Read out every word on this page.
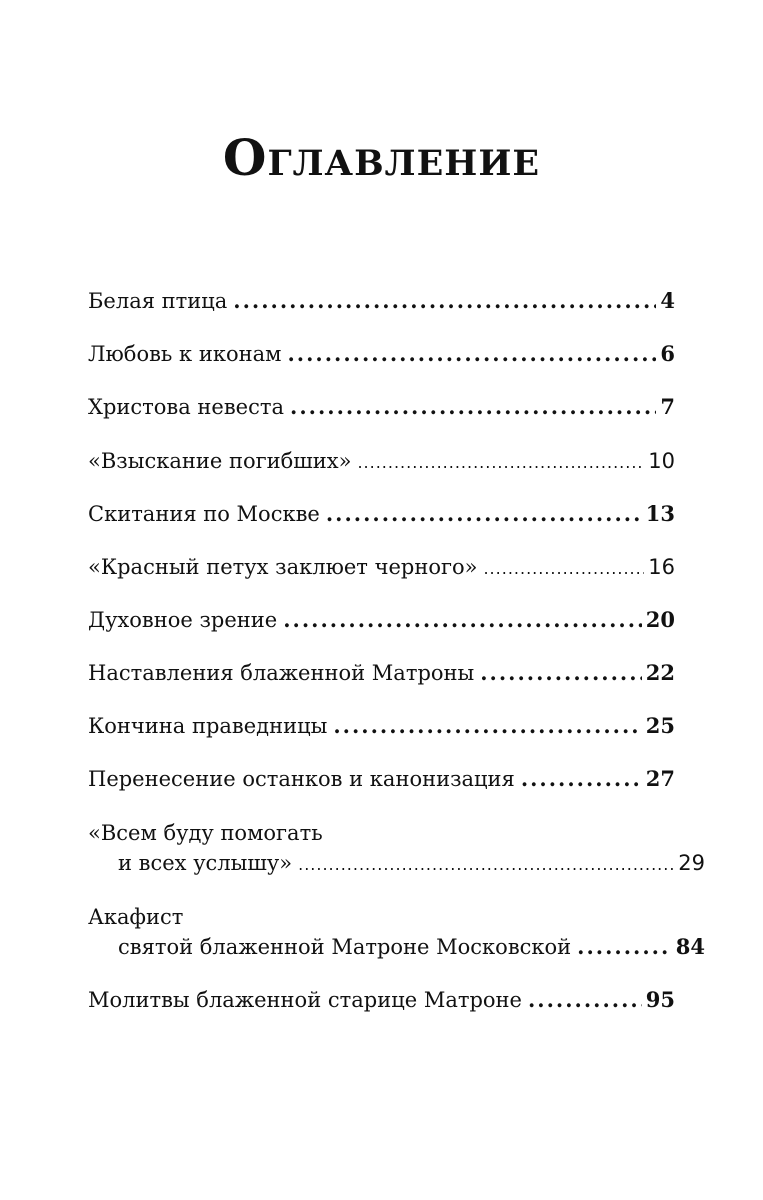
Оглавление
Белая птица .....	4
Любовь к иконам .....	6
Христова невеста .....	7
«Взыскание погибших» .....	10
Скитания по Москве .....	13
«Красный петух заклюет черного» .....	16
Духовное зрение .....	20
Наставления блаженной Матроны .....	22
Кончина праведницы .....	25
Перенесение останков и канонизация .....	27
«Всем буду помогать
и всех услышу» .....	29
Акафист
святой блаженной Матроне Московской .....	84
Молитвы блаженной старице Матроне .....	95
